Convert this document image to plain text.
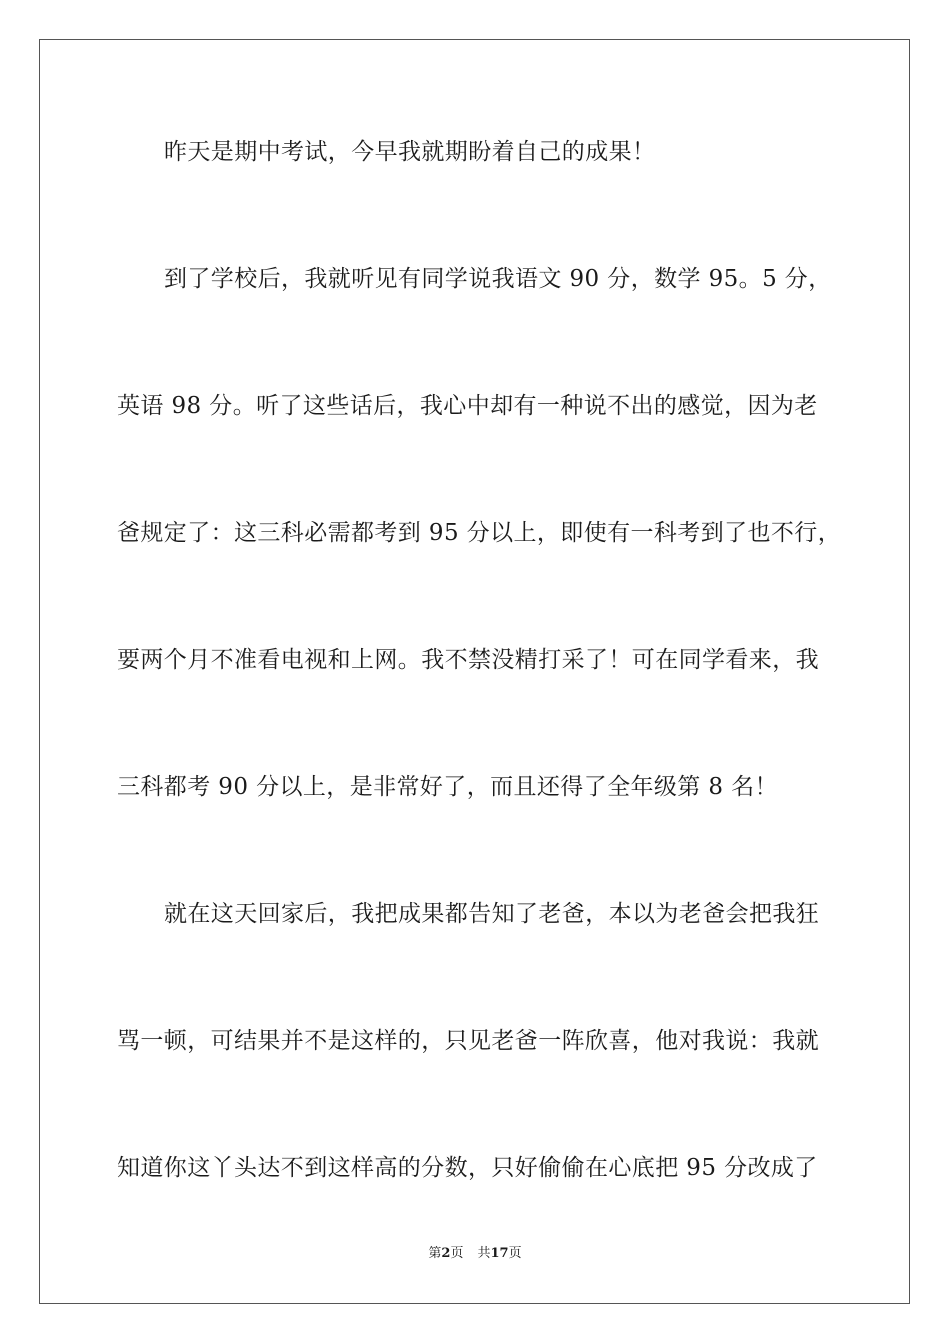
昨天是期中考试，今早我就期盼着自己的成果！
到了学校后，我就听见有同学说我语文 90 分，数学 95。5 分，
英语 98 分。听了这些话后，我心中却有一种说不出的感觉，因为老
爸规定了：这三科必需都考到 95 分以上，即使有一科考到了也不行，
要两个月不准看电视和上网。我不禁没精打采了！可在同学看来，我
三科都考 90 分以上，是非常好了，而且还得了全年级第 8 名！
就在这天回家后，我把成果都告知了老爸，本以为老爸会把我狂
骂一顿，可结果并不是这样的，只见老爸一阵欣喜，他对我说：我就
知道你这丫头达不到这样高的分数，只好偷偷在心底把 95 分改成了
第2页 共17页
